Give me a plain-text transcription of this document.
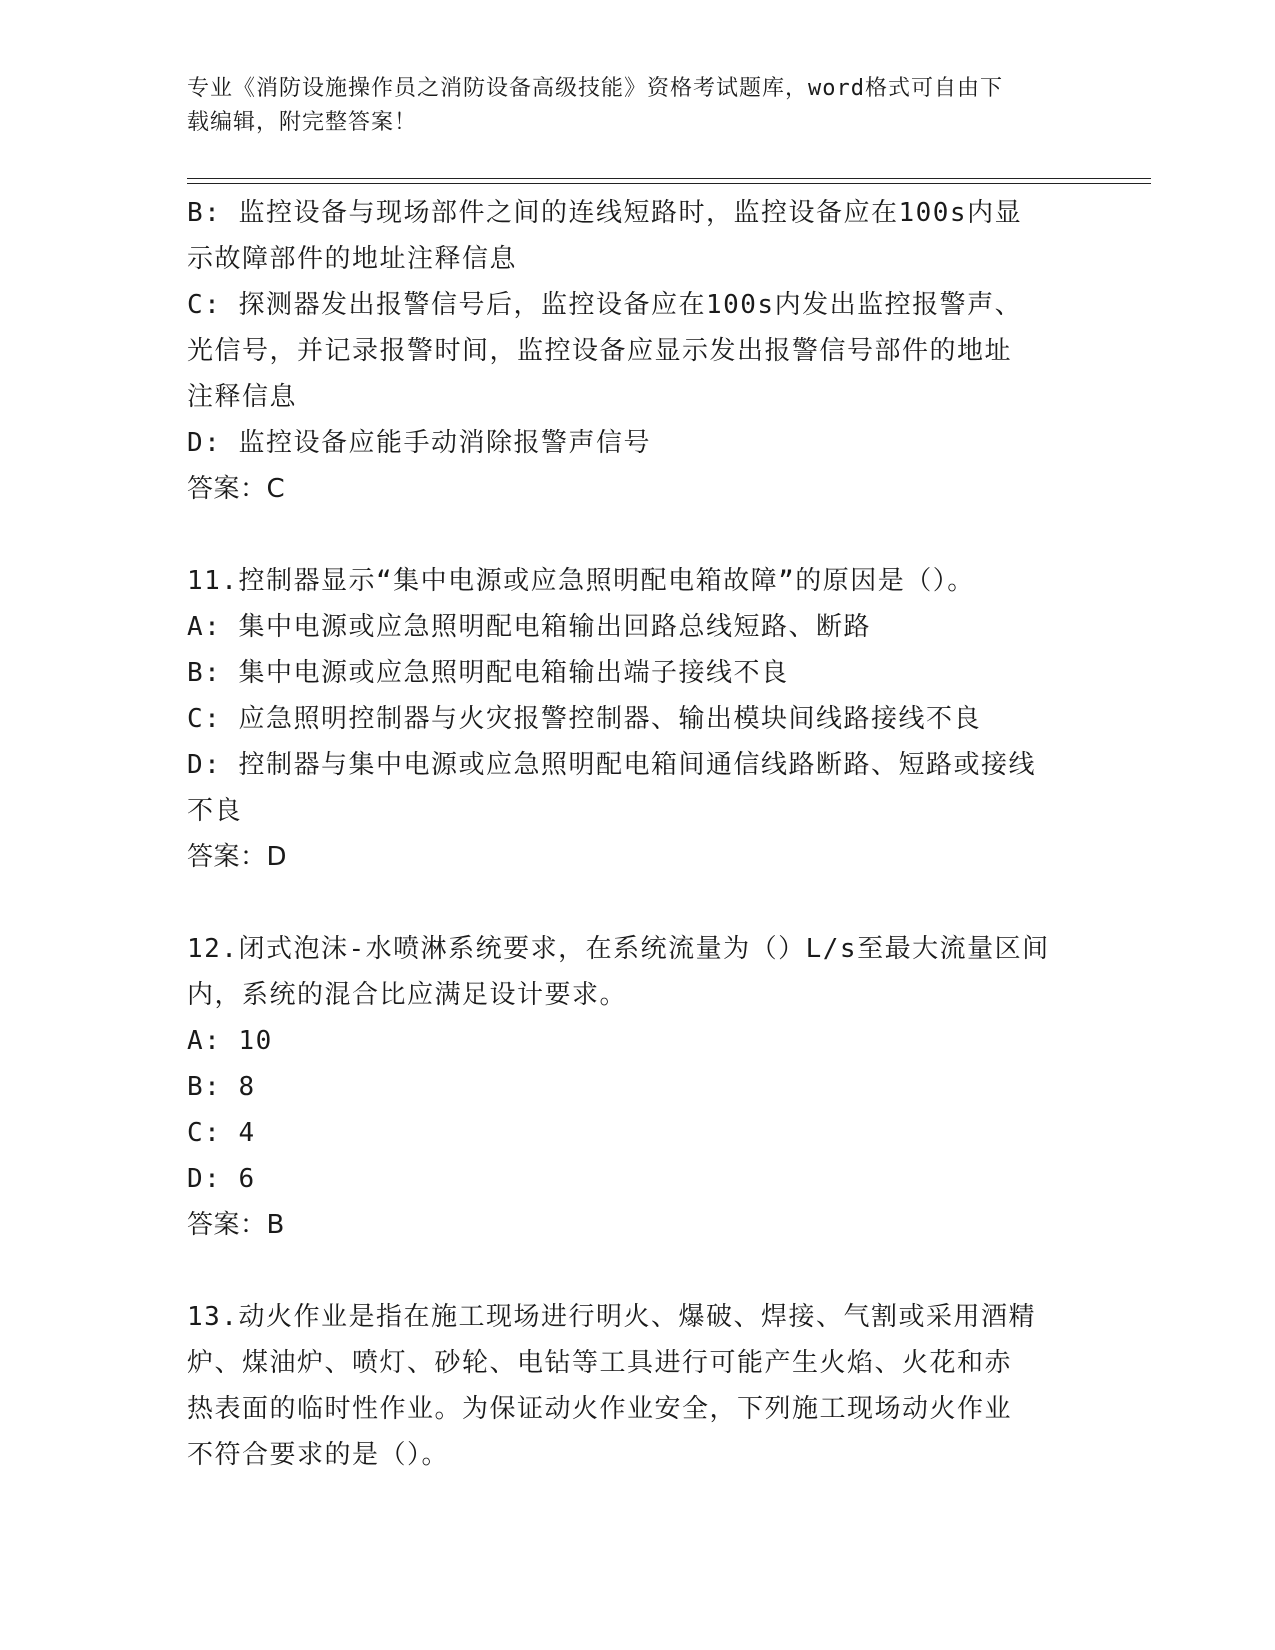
专业《消防设施操作员之消防设备高级技能》资格考试题库，word格式可自由下
载编辑，附完整答案！

B: 监控设备与现场部件之间的连线短路时，监控设备应在100s内显

示故障部件的地址注释信息

C: 探测器发出报警信号后，监控设备应在100s内发出监控报警声、

光信号，并记录报警时间，监控设备应显示发出报警信号部件的地址

注释信息

D: 监控设备应能手动消除报警声信号

答案：C

11.控制器显示“集中电源或应急照明配电箱故障”的原因是（）。

A: 集中电源或应急照明配电箱输出回路总线短路、断路

B: 集中电源或应急照明配电箱输出端子接线不良

C: 应急照明控制器与火灾报警控制器、输出模块间线路接线不良

D: 控制器与集中电源或应急照明配电箱间通信线路断路、短路或接线

不良

答案：D

12.闭式泡沫-水喷淋系统要求，在系统流量为（）L/s至最大流量区间

内，系统的混合比应满足设计要求。

A: 10

B: 8

C: 4

D: 6

答案：B

13.动火作业是指在施工现场进行明火、爆破、焊接、气割或采用酒精

炉、煤油炉、喷灯、砂轮、电钻等工具进行可能产生火焰、火花和赤

热表面的临时性作业。为保证动火作业安全，下列施工现场动火作业

不符合要求的是（）。
